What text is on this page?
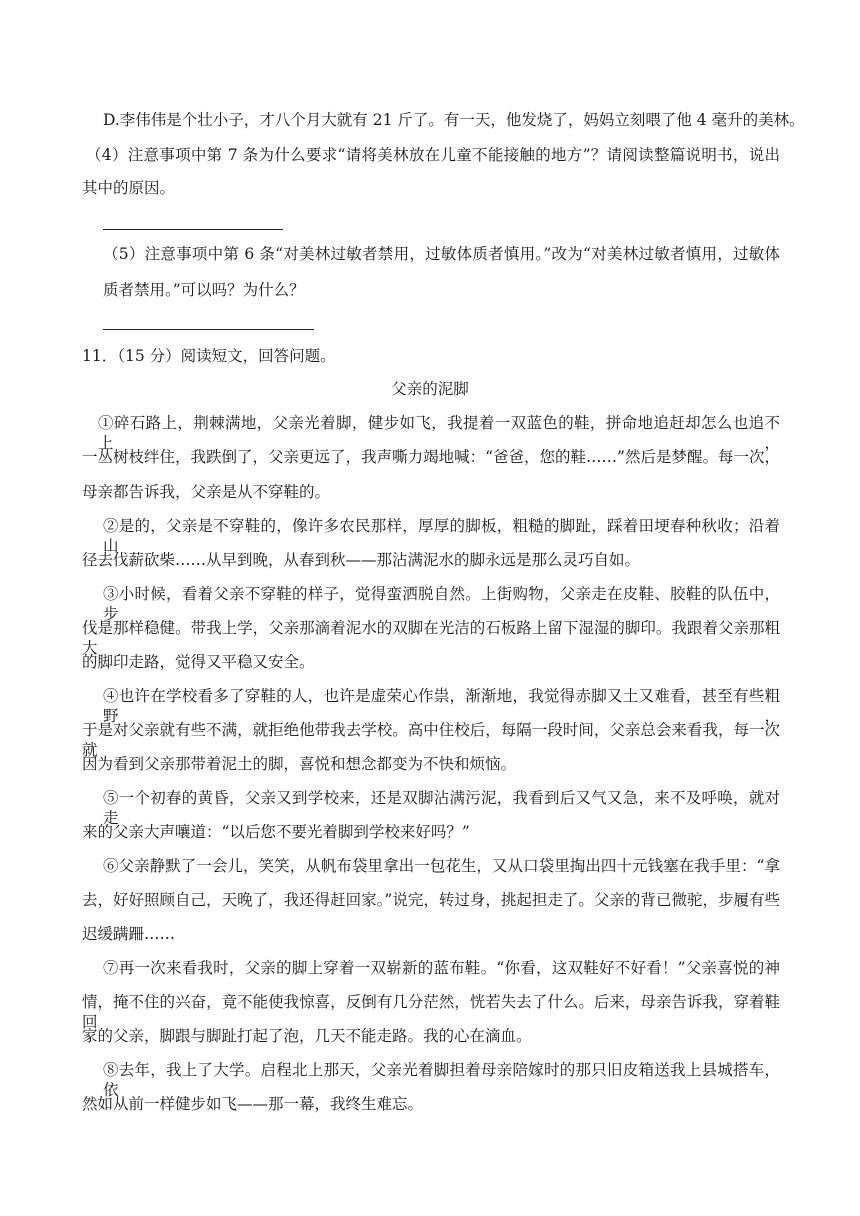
D.李伟伟是个壮小子，才八个月大就有 21 斤了。有一天，他发烧了，妈妈立刻喂了他 4 毫升的美林。
（4）注意事项中第 7 条为什么要求“请将美林放在儿童不能接触的地方”？请阅读整篇说明书，说出
其中的原因。
（5）注意事项中第 6 条“对美林过敏者禁用，过敏体质者慎用。”改为“对美林过敏者慎用，过敏体
质者禁用。”可以吗？为什么？
11．（15 分）阅读短文，回答问题。
父亲的泥脚
①碎石路上，荆棘满地，父亲光着脚，健步如飞，我提着一双蓝色的鞋，拼命地追赶却怎么也追不上，
一丛树枝绊住，我跌倒了，父亲更远了，我声嘶力竭地喊：“爸爸，您的鞋……”然后是梦醒。每一次，
母亲都告诉我，父亲是从不穿鞋的。
②是的，父亲是不穿鞋的，像许多农民那样，厚厚的脚板，粗糙的脚趾，踩着田埂春种秋收；沿着山
径去伐薪砍柴……从早到晚，从春到秋——那沾满泥水的脚永远是那么灵巧自如。
③小时候，看着父亲不穿鞋的样子，觉得蛮洒脱自然。上街购物，父亲走在皮鞋、胶鞋的队伍中，步
伐是那样稳健。带我上学，父亲那滴着泥水的双脚在光洁的石板路上留下湿湿的脚印。我跟着父亲那粗大
的脚印走路，觉得又平稳又安全。
④也许在学校看多了穿鞋的人，也许是虚荣心作祟，渐渐地，我觉得赤脚又土又难看，甚至有些粗野，
于是对父亲就有些不满，就拒绝他带我去学校。高中住校后，每隔一段时间，父亲总会来看我，每一次就
因为看到父亲那带着泥土的脚，喜悦和想念都变为不快和烦恼。
⑤一个初春的黄昏，父亲又到学校来，还是双脚沾满污泥，我看到后又气又急，来不及呼唤，就对走
来的父亲大声嚷道：“以后您不要光着脚到学校来好吗？”
⑥父亲静默了一会儿，笑笑，从帆布袋里拿出一包花生，又从口袋里掏出四十元钱塞在我手里：“拿
去，好好照顾自己，天晚了，我还得赶回家。”说完，转过身，挑起担走了。父亲的背已微驼，步履有些
迟缓蹒跚……
⑦再一次来看我时，父亲的脚上穿着一双崭新的蓝布鞋。“你看，这双鞋好不好看！”父亲喜悦的神
情，掩不住的兴奋，竟不能使我惊喜，反倒有几分茫然，恍若失去了什么。后来，母亲告诉我，穿着鞋回
家的父亲，脚跟与脚趾打起了泡，几天不能走路。我的心在滴血。
⑧去年，我上了大学。启程北上那天，父亲光着脚担着母亲陪嫁时的那只旧皮箱送我上县城搭车，依
然如从前一样健步如飞——那一幕，我终生难忘。
